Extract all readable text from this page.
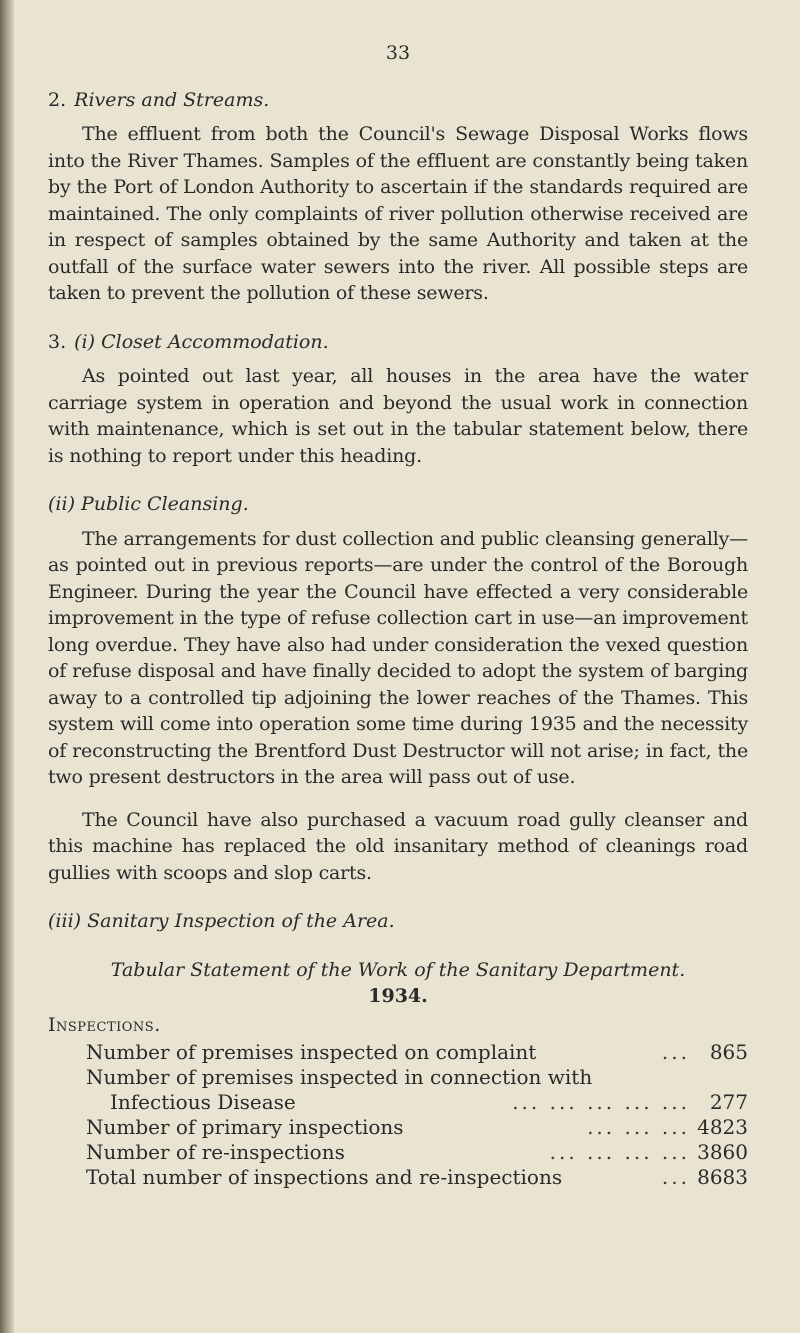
33
2. Rivers and Streams.

The effluent from both the Council's Sewage Disposal Works flows into the River Thames. Samples of the effluent are constantly being taken by the Port of London Authority to ascertain if the standards required are maintained. The only complaints of river pollution otherwise received are in respect of samples obtained by the same Authority and taken at the outfall of the surface water sewers into the river. All possible steps are taken to prevent the pollution of these sewers.

3. (i) Closet Accommodation.

As pointed out last year, all houses in the area have the water carriage system in operation and beyond the usual work in connection with maintenance, which is set out in the tabular statement below, there is nothing to report under this heading.

(ii) Public Cleansing.

The arrangements for dust collection and public cleansing generally—as pointed out in previous reports—are under the control of the Borough Engineer. During the year the Council have effected a very considerable improvement in the type of refuse collection cart in use—an improvement long overdue. They have also had under consideration the vexed question of refuse disposal and have finally decided to adopt the system of barging away to a controlled tip adjoining the lower reaches of the Thames. This system will come into operation some time during 1935 and the necessity of reconstructing the Brentford Dust Destructor will not arise; in fact, the two present destructors in the area will pass out of use.

The Council have also purchased a vacuum road gully cleanser and this machine has replaced the old insanitary method of cleanings road gullies with scoops and slop carts.

(iii) Sanitary Inspection of the Area.
Tabular Statement of the Work of the Sanitary Department.
1934.
Inspections.
Number of premises inspected on complaint	... 865
Number of premises inspected in connection with
Infectious Disease	... ... ... ... ... 277
Number of primary inspections	... ... ... 4823
Number of re-inspections	... ... ... ... 3860
Total number of inspections and re-inspections	... 8683
